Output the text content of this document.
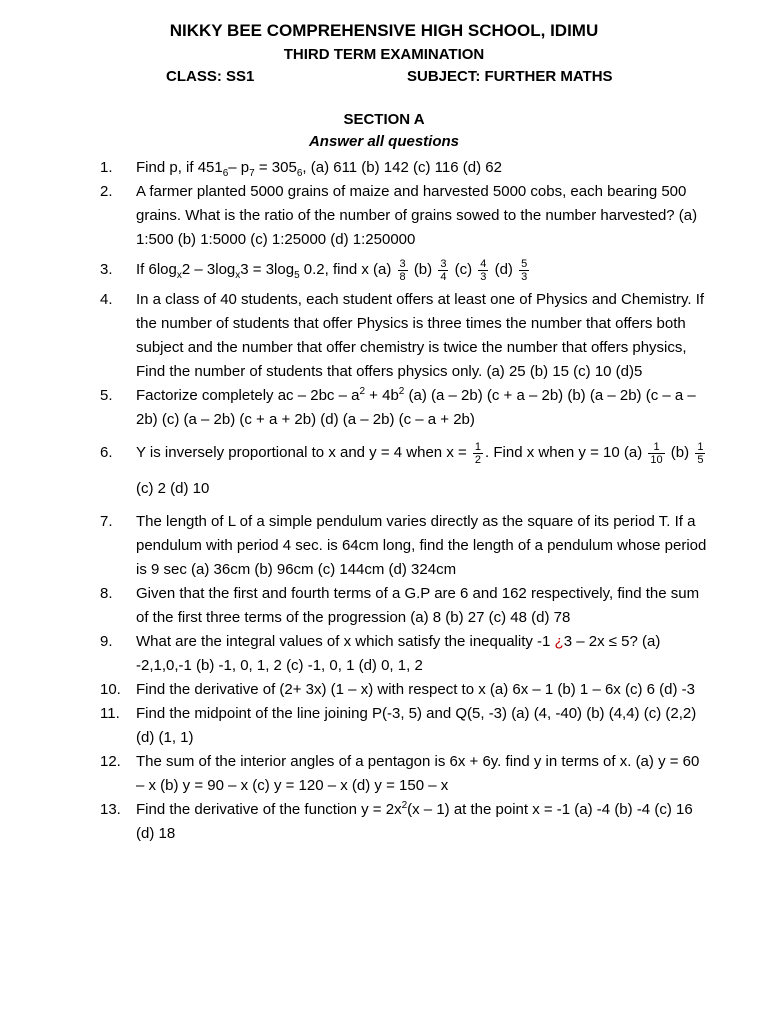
NIKKY BEE COMPREHENSIVE HIGH SCHOOL, IDIMU
THIRD TERM EXAMINATION
CLASS: SS1	SUBJECT: FURTHER MATHS
SECTION A
Answer all questions
1.	Find p, if $451_6-$ $p_7 = 305_6$, (a) 611 (b) 142 (c) 116 (d) 62
2.	A farmer planted 5000 grains of maize and harvested 5000 cobs, each bearing 500 grains. What is the ratio of the number of grains sowed to the number harvested? (a) 1:500 (b) 1:5000 (c) 1:25000 (d) 1:250000
3.	If $6\log_x2 - 3\log_x3 = 3\log_5$ 0.2, find x $(a) \frac{3}{8} (b) \frac{3}{4} (c) \frac{4}{3} (d) \frac{5}{3}$
4.	In a class of 40 students, each student offers at least one of Physics and Chemistry. If the number of students that offer Physics is three times the number that offers both subject and the number that offer chemistry is twice the number that offers physics, Find the number of students that offers physics only. (a) 25 (b) 15 (c) 10 (d)5
5.	Factorize completely ac – $2bc - a^2 + 4b^2$ (a) (a – 2b) (c + a – 2b) (b) (a – 2b) (c – a – 2b) (c) (a – 2b) (c + a + 2b) (d) (a – 2b) (c – a + 2b)
6.	Y is inversely proportional to x and y = 4 when $x = \frac{1}{2}$ . Find x when y = 10 $(a) \frac{1}{10} (b) \frac{1}{5}$
(c) 2 (d) 10
7.	The length of L of a simple pendulum varies directly as the square of its period T. If a pendulum with period 4 sec. is 64cm long, find the length of a pendulum whose period is 9 sec (a) 36cm (b) 96cm (c) 144cm (d) 324cm
8.	Given that the first and fourth terms of a G.P are 6 and 162 respectively, find the sum of the first three terms of the progression (a) 8 (b) 27 (c) 48 (d) 78
9.	What are the integral values of x which satisfy the inequality -1 ¿3 – 2x ≤ 5? (a) -2,1,0,-1 (b) -1, 0, 1, 2 (c) -1, 0, 1 (d) 0, 1, 2
10.	Find the derivative of (2+ 3x) (1 – x) with respect to x (a) 6x – 1 (b) 1 – 6x (c) 6 (d) -3
11.	Find the midpoint of the line joining P(-3, 5) and Q(5, -3) (a) (4, -40) (b) (4,4) (c) (2,2) (d) (1, 1)
12.	The sum of the interior angles of a pentagon is 6x + 6y. find y in terms of x. (a) y = 60 – x (b) y = 90 – x (c) y = 120 – x (d) y = 150 – x
13.	Find the derivative of the function $y = 2x^2(x - 1)$ at the point x = -1 (a) -4 (b) -4 (c) 16 (d) 18
